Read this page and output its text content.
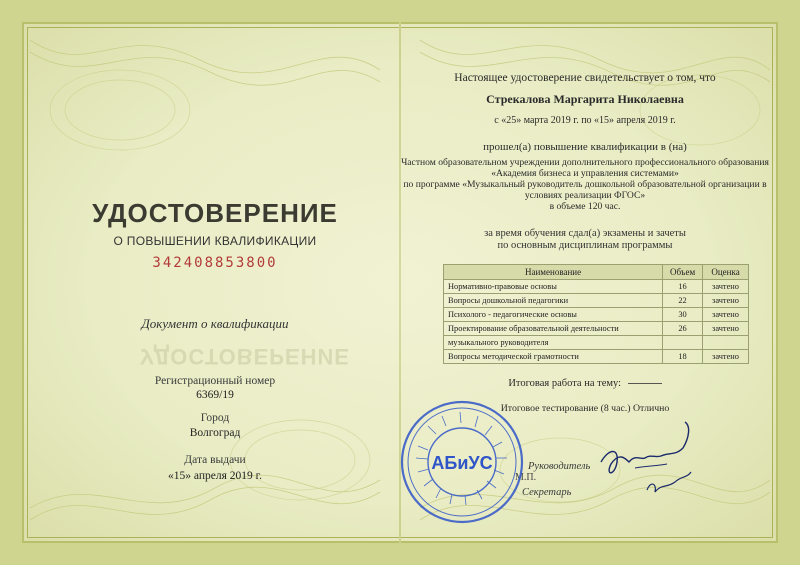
УДОСТОВЕРЕНИЕ
О ПОВЫШЕНИИ КВАЛИФИКАЦИИ
342408853800
Документ о квалификации
УДОСТОВЕРЕНИЕ
Регистрационный номер
6369/19
Город
Волгоград
Дата выдачи
«15» апреля 2019 г.
Настоящее удостоверение свидетельствует о том, что
Стрекалова Маргарита Николаевна
с «25» марта 2019 г. по «15» апреля 2019 г.
прошел(а) повышение квалификации в (на)
Частном образовательном учреждении дополнительного профессионального образования
«Академия бизнеса и управления системами»
по программе «Музыкальный руководитель дошкольной образовательной организации в
условиях реализации ФГОС»
в объеме 120 час.
за время обучения сдал(а) экзамены и зачеты
по основным дисциплинам программы
Наименование	Объем	Оценка
Нормативно-правовые основы	16	зачтено
Вопросы дошкольной педагогики	22	зачтено
Психолого - педагогические основы	30	зачтено
Проектирование образовательной деятельности	26	зачтено
музыкального руководителя		
Вопросы методической грамотности	18	зачтено
Итоговая работа на тему:
Итоговое тестирование (8 час.) Отлично
Руководитель
Секретарь
М.П.
АБиУС
